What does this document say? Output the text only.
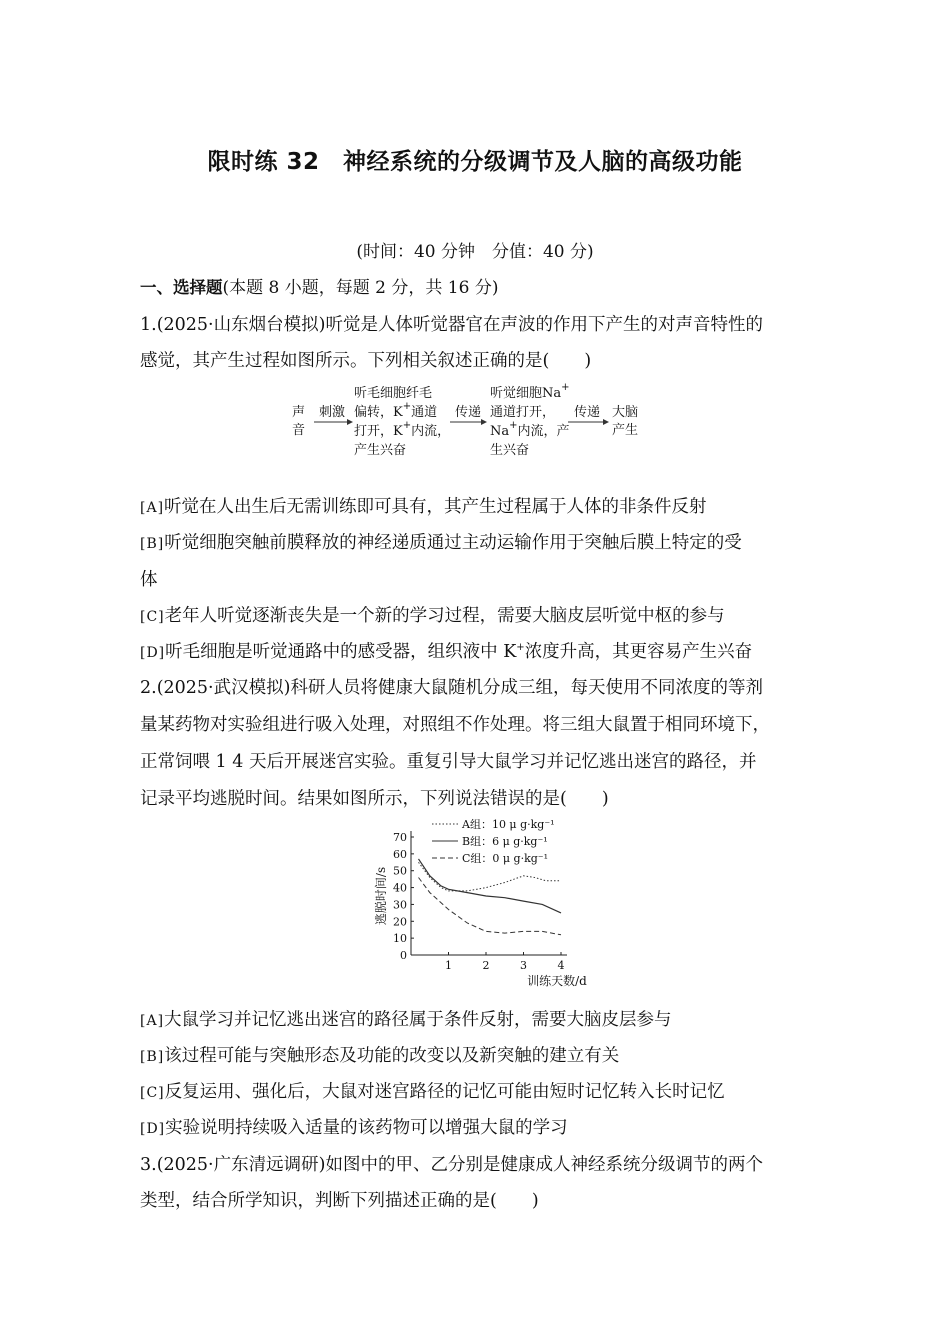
限时练 32　神经系统的分级调节及人脑的高级功能
(时间：40 分钟　分值：40 分)
一、选择题(本题 8 小题，每题 2 分，共 16 分)
1.(2025·山东烟台模拟)听觉是人体听觉器官在声波的作用下产生的对声音特性的
感觉，其产生过程如图所示。下列相关叙述正确的是(　　)
声
音
刺激
听毛细胞纤毛
偏转，K+通道
打开，K+内流，
产生兴奋
传递
听觉细胞Na+
通道打开，
Na+内流，产
生兴奋
传递 大脑
产生
[A]听觉在人出生后无需训练即可具有，其产生过程属于人体的非条件反射
[B]听觉细胞突触前膜释放的神经递质通过主动运输作用于突触后膜上特定的受
体
[C]老年人听觉逐渐丧失是一个新的学习过程，需要大脑皮层听觉中枢的参与
[D]听毛细胞是听觉通路中的感受器，组织液中 K+浓度升高，其更容易产生兴奋
2.(2025·武汉模拟)科研人员将健康大鼠随机分成三组，每天使用不同浓度的等剂
量某药物对实验组进行吸入处理，对照组不作处理。将三组大鼠置于相同环境下，
正常饲喂 1 4 天后开展迷宫实验。重复引导大鼠学习并记忆逃出迷宫的路径，并
记录平均逃脱时间。结果如图所示，下列说法错误的是(　　)
0
10
20
30
40
50
60
70
1	2	3	4
训练天数/d
逃脱时间/s
A组：10 μ g·kg⁻¹
B组：6 μ g·kg⁻¹
C组：0 μ g·kg⁻¹
[A]大鼠学习并记忆逃出迷宫的路径属于条件反射，需要大脑皮层参与
[B]该过程可能与突触形态及功能的改变以及新突触的建立有关
[C]反复运用、强化后，大鼠对迷宫路径的记忆可能由短时记忆转入长时记忆
[D]实验说明持续吸入适量的该药物可以增强大鼠的学习
3.(2025·广东清远调研)如图中的甲、乙分别是健康成人神经系统分级调节的两个
类型，结合所学知识，判断下列描述正确的是(　　)
